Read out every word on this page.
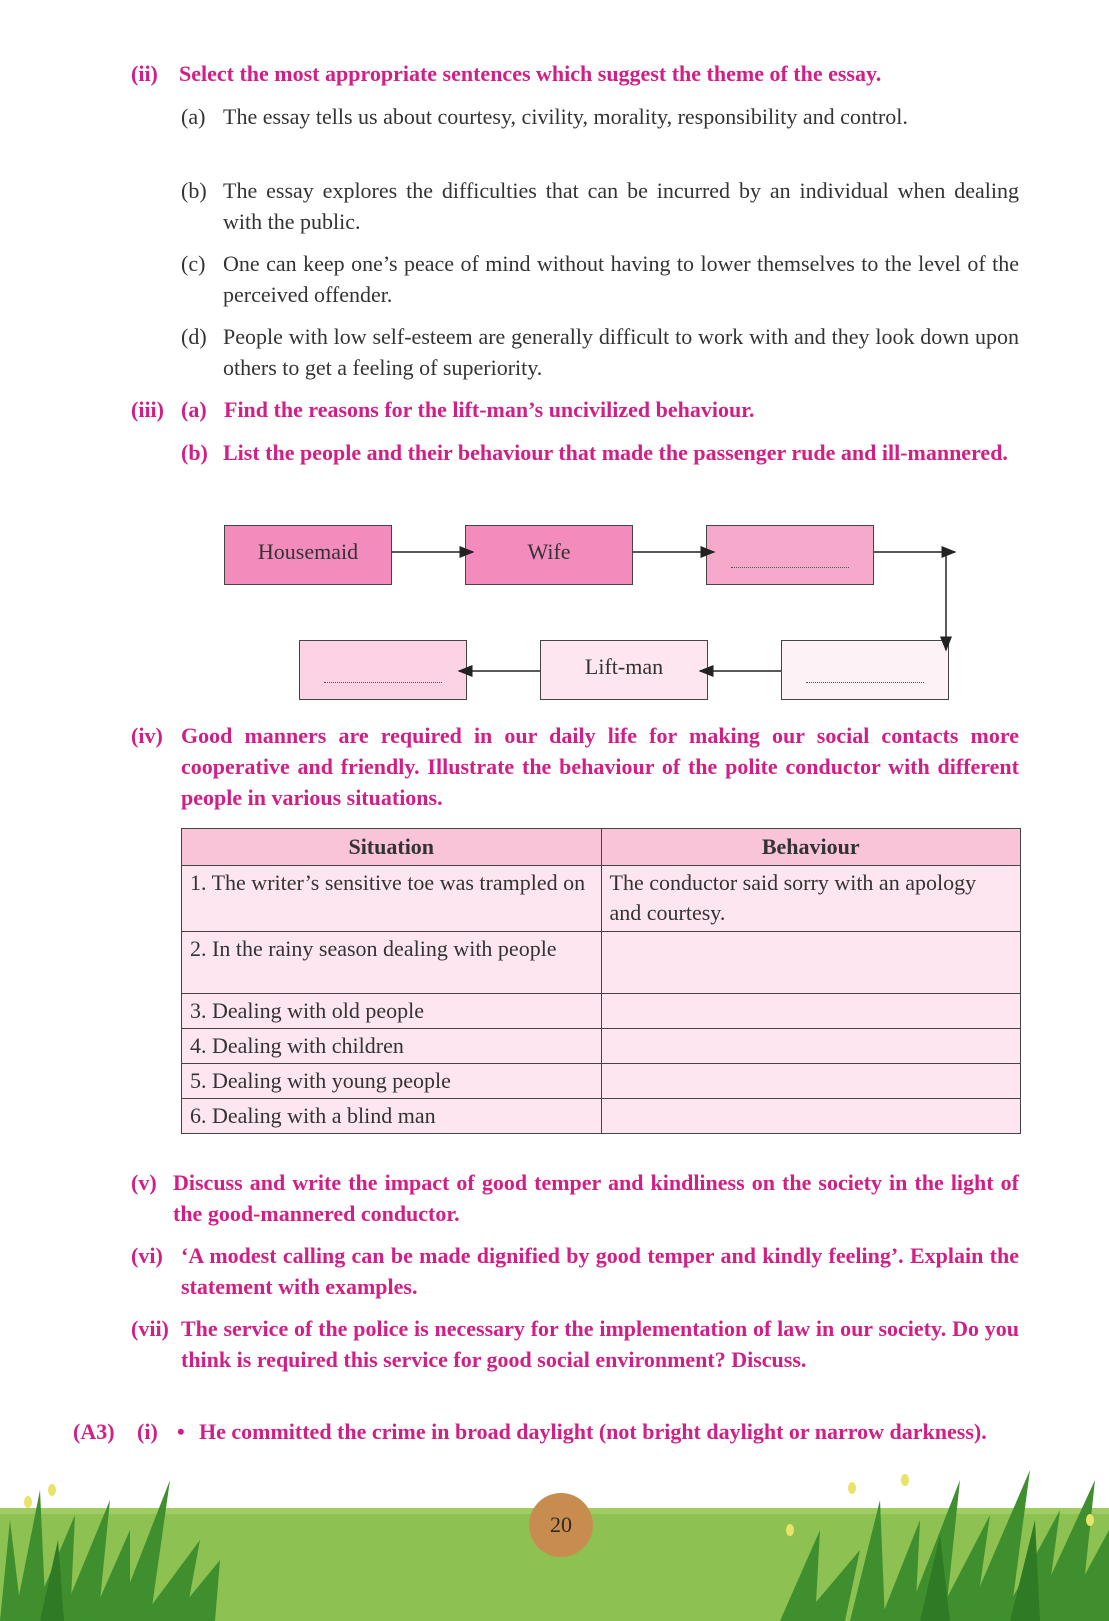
(ii) Select the most appropriate sentences which suggest the theme of the essay.
(a) The essay tells us about courtesy, civility, morality, responsibility and control.
(b) The essay explores the difficulties that can be incurred by an individual when dealing with the public.
(c) One can keep one’s peace of mind without having to lower themselves to the level of the perceived offender.
(d) People with low self-esteem are generally difficult to work with and they look down upon others to get a feeling of superiority.
(iii) (a) Find the reasons for the lift-man’s uncivilized behaviour.
(b) List the people and their behaviour that made the passenger rude and ill-mannered.
Housemaid	Wife
Lift-man
(iv) Good manners are required in our daily life for making our social contacts more cooperative and friendly. Illustrate the behaviour of the polite conductor with different people in various situations.
Situation	Behaviour
1. The writer’s sensitive toe was trampled on	The conductor said sorry with an apology and courtesy.
2. In the rainy season dealing with people	
3. Dealing with old people	
4. Dealing with children	
5. Dealing with young people	
6. Dealing with a blind man	
(v) Discuss and write the impact of good temper and kindliness on the society in the light of the good-mannered conductor.
(vi) ‘A modest calling can be made dignified by good temper and kindly feeling’. Explain the statement with examples.
(vii) The service of the police is necessary for the implementation of law in our society. Do you think is required this service for good social environment? Discuss.
(A3) (i) • He committed the crime in broad daylight (not bright daylight or narrow darkness).
20
